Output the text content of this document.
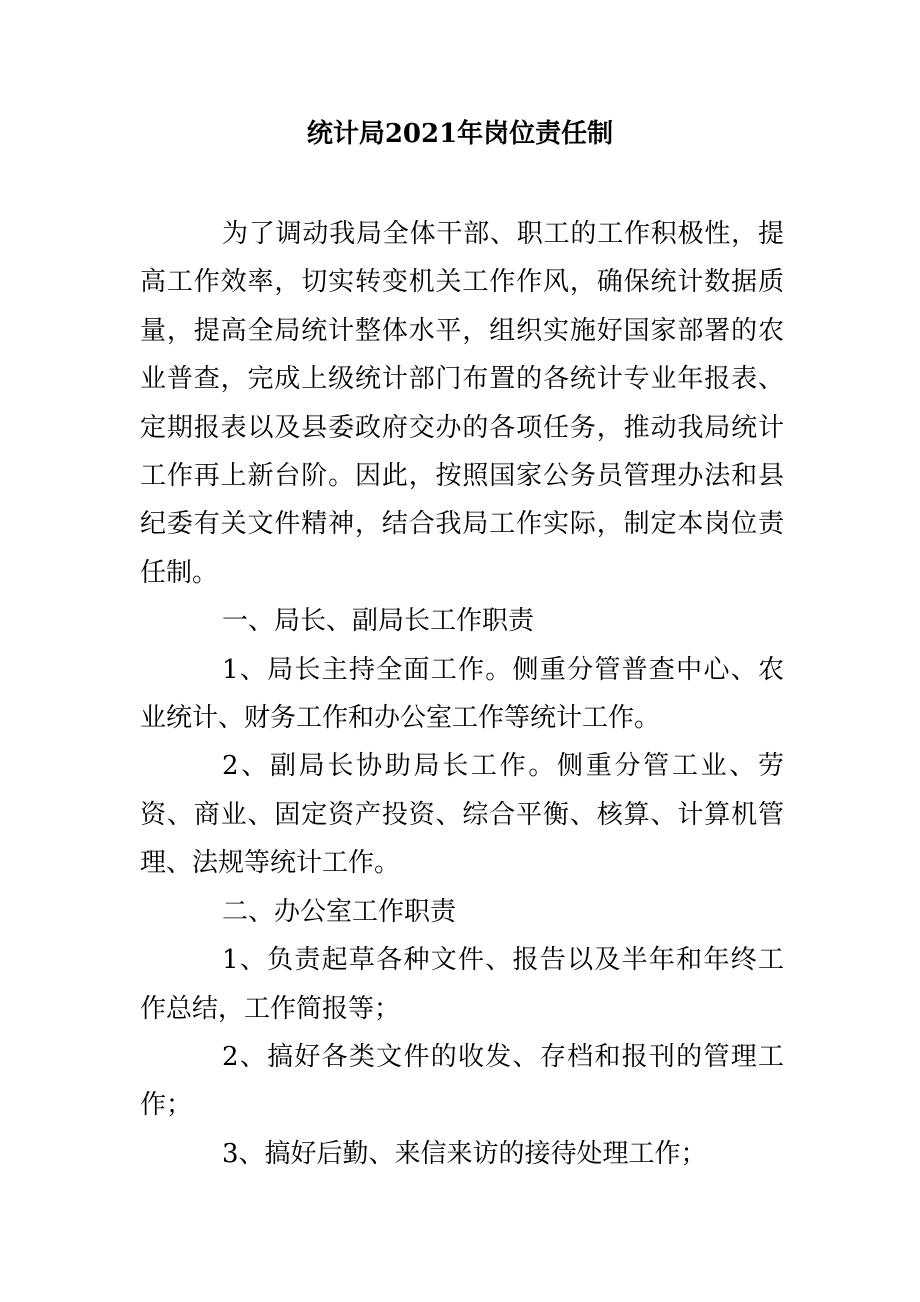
统计局2021年岗位责任制

为了调动我局全体干部、职工的工作积极性，提高工作效率，切实转变机关工作作风，确保统计数据质量，提高全局统计整体水平，组织实施好国家部署的农业普查，完成上级统计部门布置的各统计专业年报表、定期报表以及县委政府交办的各项任务，推动我局统计工作再上新台阶。因此，按照国家公务员管理办法和县纪委有关文件精神，结合我局工作实际，制定本岗位责任制。

一、局长、副局长工作职责

1、局长主持全面工作。侧重分管普查中心、农业统计、财务工作和办公室工作等统计工作。

2、副局长协助局长工作。侧重分管工业、劳资、商业、固定资产投资、综合平衡、核算、计算机管理、法规等统计工作。

二、办公室工作职责

1、负责起草各种文件、报告以及半年和年终工作总结，工作简报等；

2、搞好各类文件的收发、存档和报刊的管理工作；

3、搞好后勤、来信来访的接待处理工作；
